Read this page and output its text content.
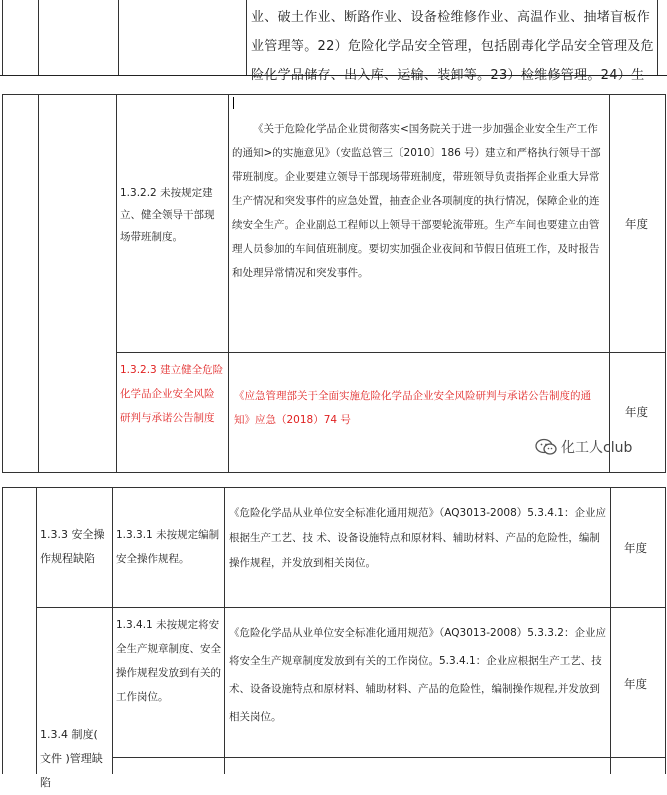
业、破土作业、断路作业、设备检维修作业、高温作业、抽堵盲板作
业管理等。22）危险化学品安全管理，包括剧毒化学品安全管理及危
险化学品储存、出入库、运输、装卸等。23）检维修管理。24）生
1.3.2.2 未按规定建立、健全领导干部现场带班制度。
《关于危险化学品企业贯彻落实<国务院关于进一步加强企业安全生产工作的通知>的实施意见》（安监总管三〔2010〕186 号）建立和严格执行领导干部带班制度。企业要建立领导干部现场带班制度，带班领导负责指挥企业重大异常生产情况和突发事件的应急处置，抽查企业各项制度的执行情况，保障企业的连续安全生产。企业副总工程师以上领导干部要轮流带班。生产车间也要建立由管理人员参加的车间值班制度。要切实加强企业夜间和节假日值班工作，及时报告和处理异常情况和突发事件。
年度
1.3.2.3 建立健全危险化学品企业安全风险研判与承诺公告制度
《应急管理部关于全面实施危险化学品企业安全风险研判与承诺公告制度的通知》应急（2018）74 号
年度
1.3.3 安全操作规程缺陷
1.3.3.1 未按规定编制安全操作规程。
《危险化学品从业单位安全标准化通用规范》（AQ3013-2008）5.3.4.1：企业应根据生产工艺、技 术、设备设施特点和原材料、辅助材料、产品的危险性，编制操作规程，并发放到相关岗位。
年度
1.3.4 制度( 文件 )管理缺陷
1.3.4.1 未按规定将安全生产规章制度、安全操作规程发放到有关的工作岗位。
《危险化学品从业单位安全标准化通用规范》（AQ3013-2008）5.3.3.2：企业应将安全生产规章制度发放到有关的工作岗位。5.3.4.1：企业应根据生产工艺、技 术、设备设施特点和原材料、辅助材料、产品的危险性，编制操作规程,并发放到相关岗位。
年度
化工人club
